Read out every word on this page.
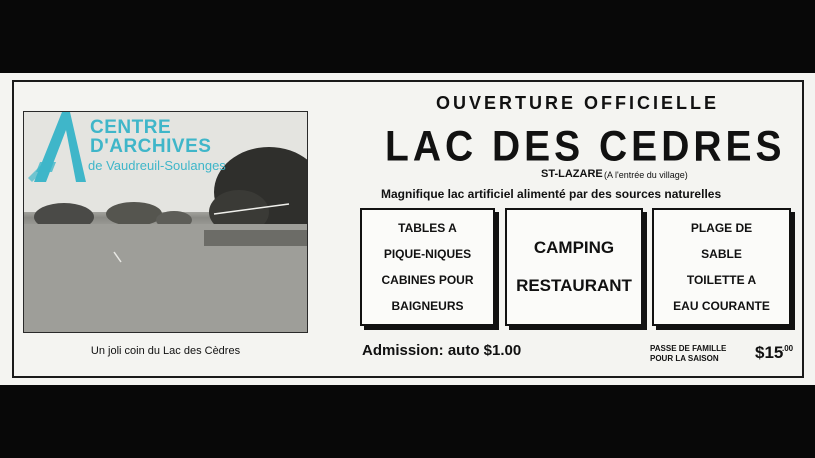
CENTRE
D'ARCHIVES
de Vaudreuil-Soulanges
Un joli coin du Lac des Cèdres
OUVERTURE OFFICIELLE
LAC DES CEDRES
ST-LAZARE (A l'entrée du village)
Magnifique lac artificiel alimenté par des sources naturelles
TABLES A
PIQUE-NIQUES
CABINES POUR
BAIGNEURS
CAMPING
RESTAURANT
PLAGE DE
SABLE
TOILETTE A
EAU COURANTE
Admission: auto $1.00	PASSE DE FAMILLE
POUR LA SAISON	$15
.00
